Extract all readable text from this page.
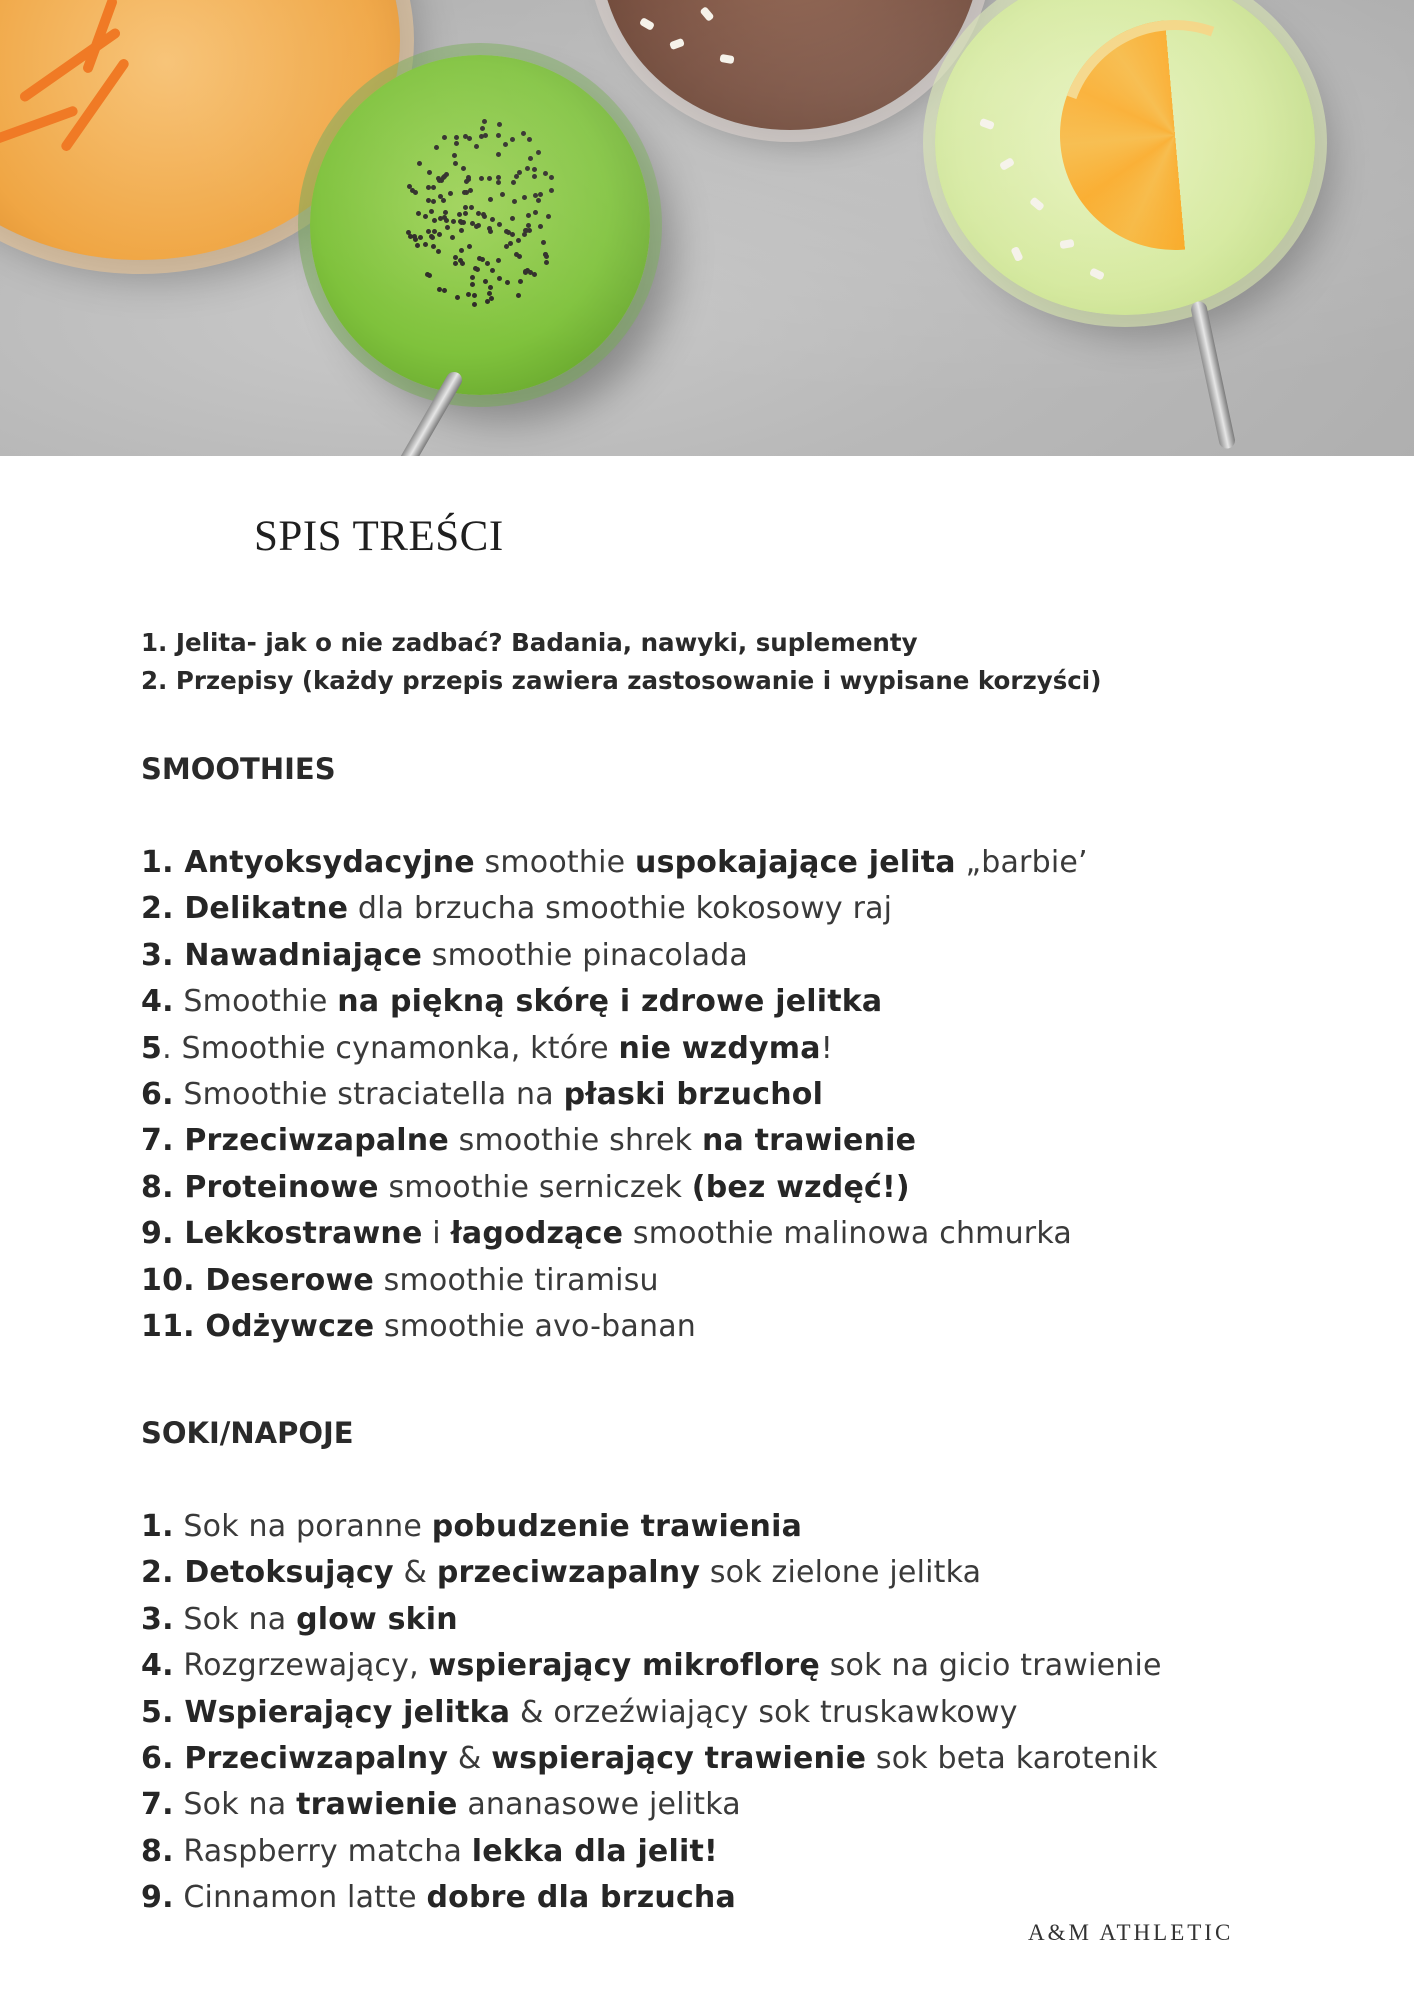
SPIS TREŚCI
1. Jelita- jak o nie zadbać? Badania, nawyki, suplementy
2. Przepisy (każdy przepis zawiera zastosowanie i wypisane korzyści)
SMOOTHIES
1. Antyoksydacyjne smoothie uspokajające jelita „barbie’
2. Delikatne dla brzucha smoothie kokosowy raj
3. Nawadniające smoothie pinacolada
4. Smoothie na piękną skórę i zdrowe jelitka
5. Smoothie cynamonka, które nie wzdyma!
6. Smoothie straciatella na płaski brzuchol
7. Przeciwzapalne smoothie shrek na trawienie
8. Proteinowe smoothie serniczek (bez wzdęć!)
9. Lekkostrawne i łagodzące smoothie malinowa chmurka
10. Deserowe smoothie tiramisu
11. Odżywcze smoothie avo-banan
SOKI/NAPOJE
1. Sok na poranne pobudzenie trawienia
2. Detoksujący & przeciwzapalny sok zielone jelitka
3. Sok na glow skin
4. Rozgrzewający, wspierający mikroflorę sok na gicio trawienie
5. Wspierający jelitka & orzeźwiający sok truskawkowy
6. Przeciwzapalny & wspierający trawienie sok beta karotenik
7. Sok na trawienie ananasowe jelitka
8. Raspberry matcha lekka dla jelit!
9. Cinnamon latte dobre dla brzucha
A&M ATHLETIC
